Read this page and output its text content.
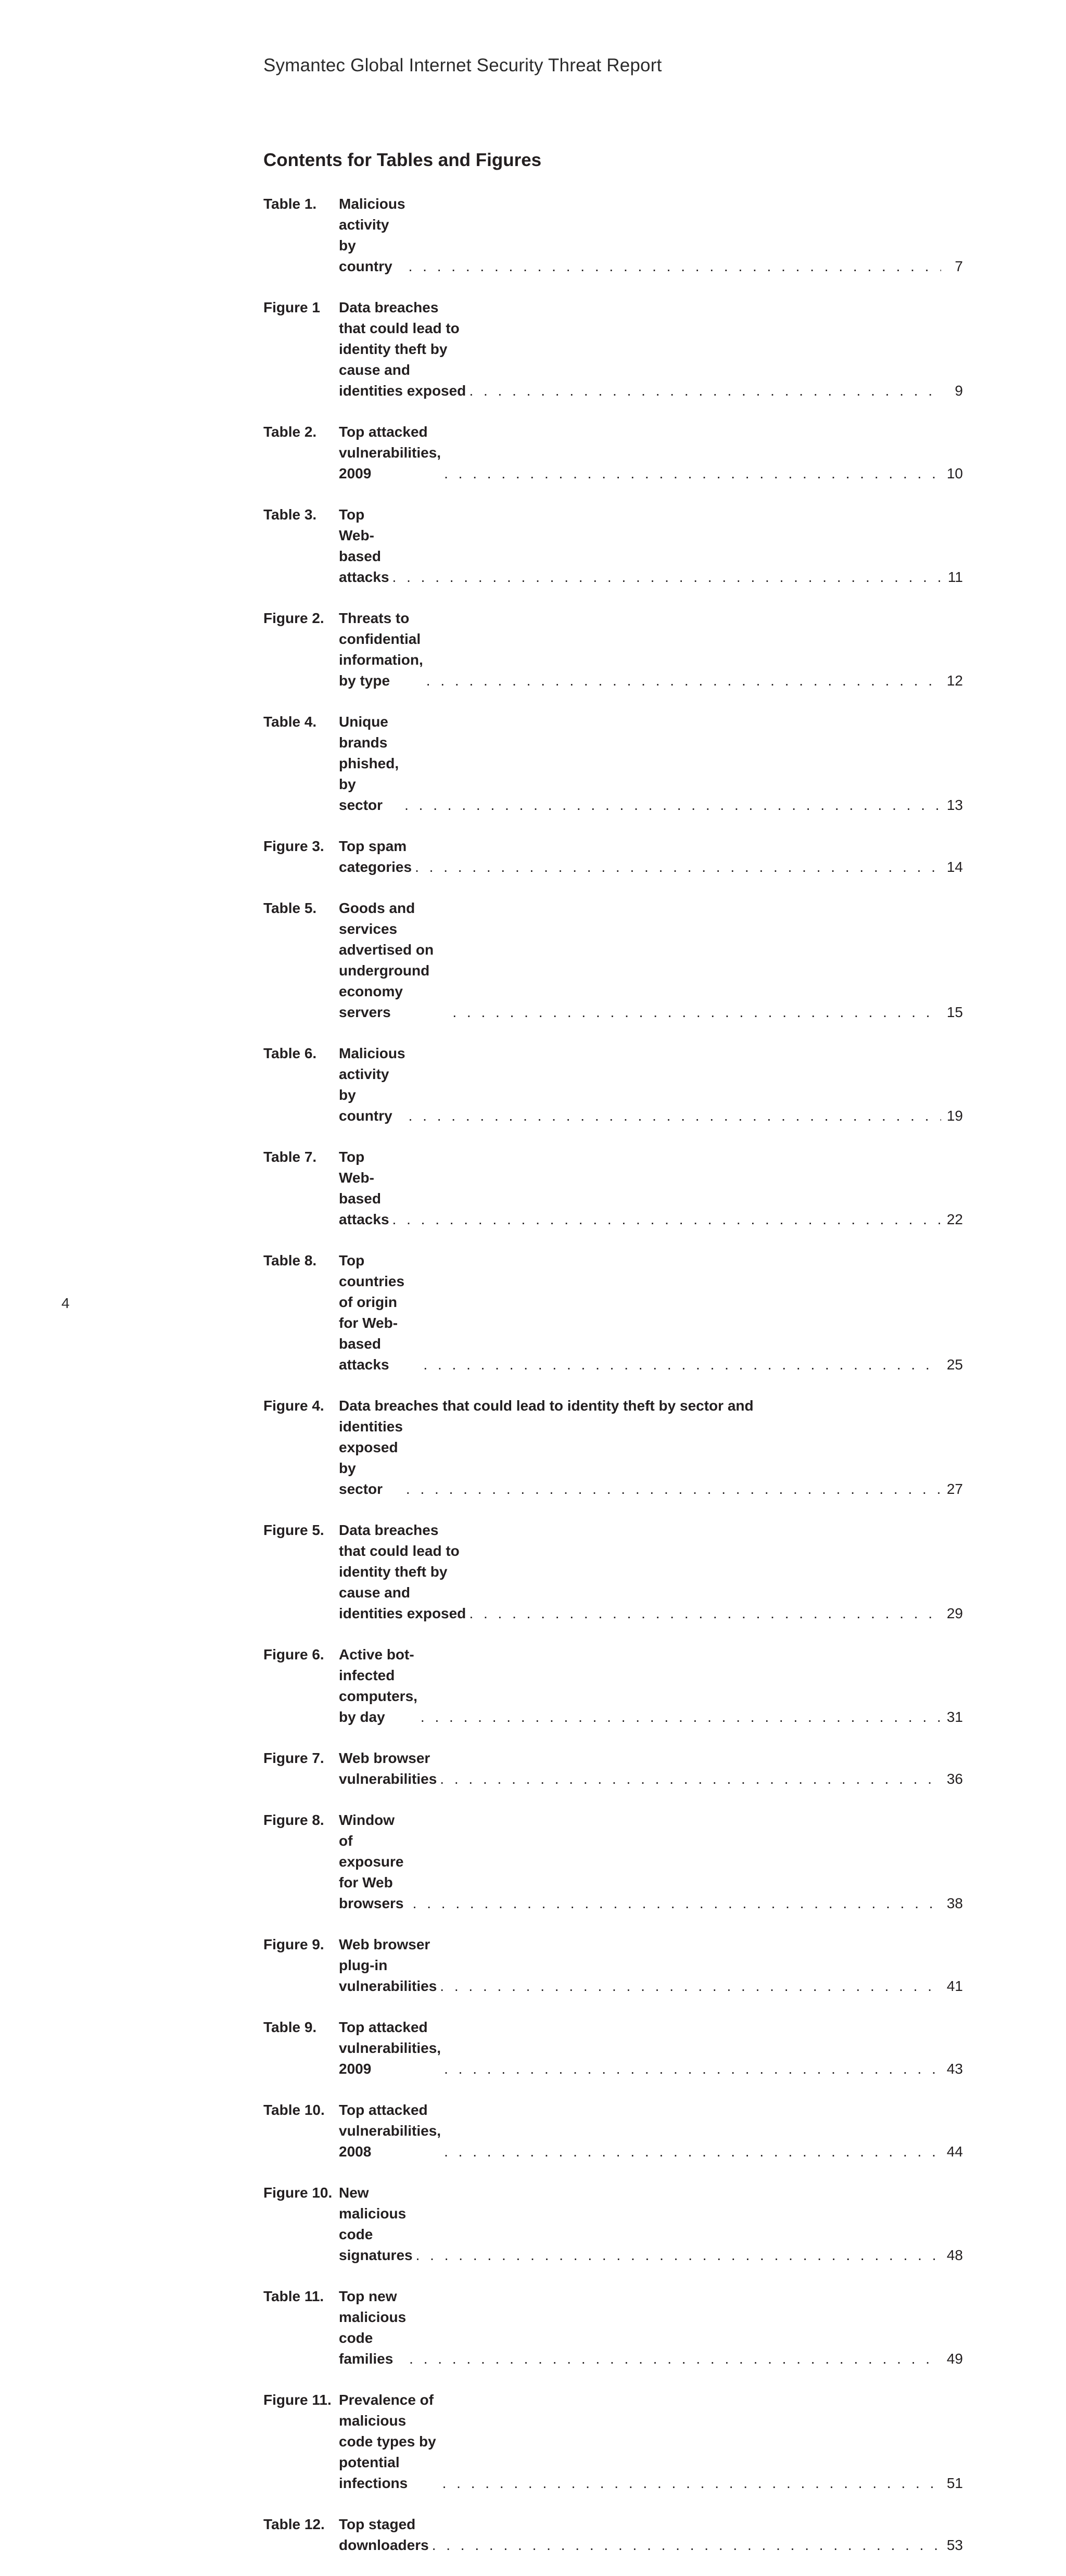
Symantec Global Internet Security Threat Report
Contents for Tables and Figures
Table 1.	Malicious activity by country . . .	7
Figure 1	Data breaches that could lead to identity theft by cause and identities exposed . . .	9
Table 2.	Top attacked vulnerabilities, 2009 . . .	10
Table 3.	Top Web-based attacks . . .	11
Figure 2.	Threats to confidential information, by type . . .	12
Table 4.	Unique brands phished, by sector . . .	13
Figure 3.	Top spam categories . . .	14
Table 5.	Goods and services advertised on underground economy servers . . .	15
Table 6.	Malicious activity by country . . .	19
Table 7.	Top Web-based attacks . . .	22
Table 8.	Top countries of origin for Web-based attacks . . .	25
Figure 4.	Data breaches that could lead to identity theft by sector and
identities exposed by sector . . .	27
Figure 5.	Data breaches that could lead to identity theft by cause and identities exposed . . .	29
Figure 6.	Active bot-infected computers, by day . . .	31
Figure 7.	Web browser vulnerabilities . . .	36
Figure 8.	Window of exposure for Web browsers . . .	38
Figure 9.	Web browser plug-in vulnerabilities . . .	41
Table 9.	Top attacked vulnerabilities, 2009 . . .	43
Table 10. Top attacked vulnerabilities, 2008 . . .	44
Figure 10. New malicious code signatures . . .	48
Table 11.	Top new malicious code families . . .	49
Figure 11. Prevalence of malicious code types by potential infections . . .	51
Table 12. Top staged downloaders . . .	53
4
